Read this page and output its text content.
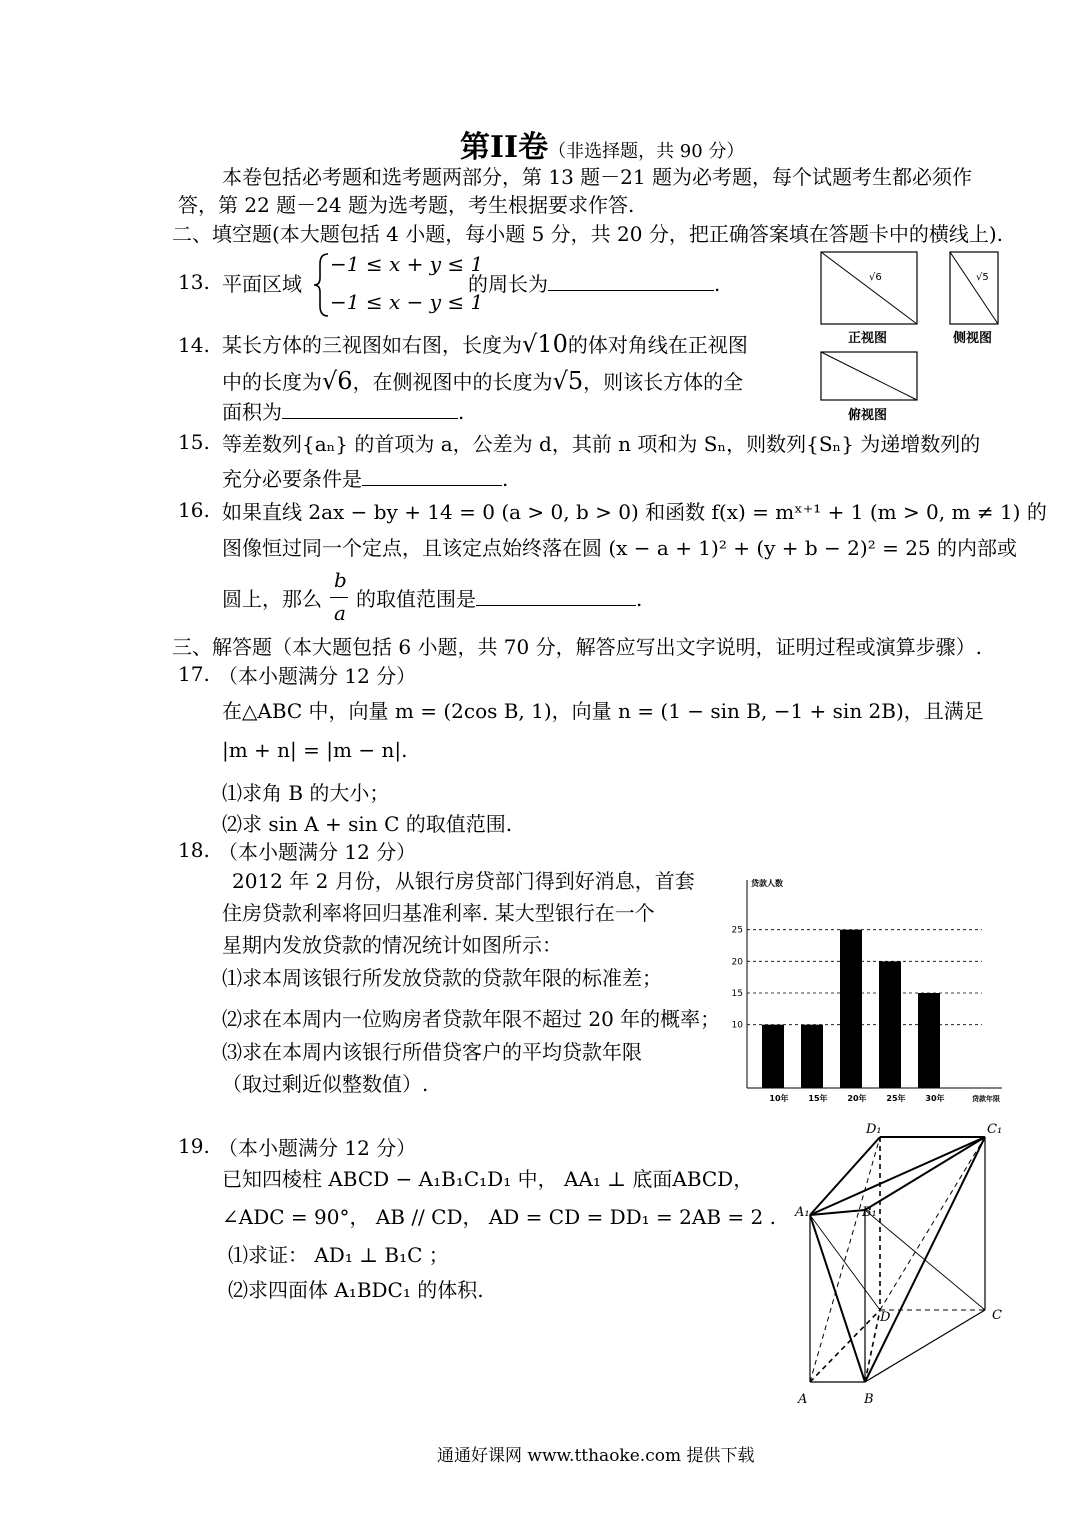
第II卷（非选择题，共 90 分）
本卷包括必考题和选考题两部分，第 13 题－21 题为必考题，每个试题考生都必须作
答，第 22 题－24 题为选考题，考生根据要求作答.
二、填空题(本大题包括 4 小题，每小题 5 分，共 20 分，把正确答案填在答题卡中的横线上).
13. 平面区域
−1 ≤ x + y ≤ 1
−1 ≤ x − y ≤ 1
的周长为	.	√6	√5
正视图	侧视图
俯视图
14. 某长方体的三视图如右图，长度为√10的体对角线在正视图
中的长度为√6，在侧视图中的长度为√5，则该长方体的全
面积为	.
15. 等差数列{aₙ} 的首项为 a，公差为 d，其前 n 项和为 Sₙ，则数列{Sₙ} 为递增数列的
充分必要条件是	.
16. 如果直线 2ax − by + 14 = 0 (a > 0, b > 0) 和函数 f(x) = mˣ⁺¹ + 1 (m > 0, m ≠ 1) 的
图像恒过同一个定点，且该定点始终落在圆 (x − a + 1)² + (y + b − 2)² = 25 的内部或
圆上，那么
b
a
的取值范围是	.
三、解答题（本大题包括 6 小题，共 70 分，解答应写出文字说明，证明过程或演算步骤）.
17. （本小题满分 12 分）
在△ABC 中，向量 m = (2cos B, 1)，向量 n = (1 − sin B, −1 + sin 2B)，且满足
|m + n| = |m − n|.
⑴求角 B 的大小；
⑵求 sin A + sin C 的取值范围.
18. （本小题满分 12 分）
2012 年 2 月份，从银行房贷部门得到好消息，首套
住房贷款利率将回归基准利率. 某大型银行在一个
星期内发放贷款的情况统计如图所示：
⑴求本周该银行所发放贷款的贷款年限的标准差；
⑵求在本周内一位购房者贷款年限不超过 20 年的概率；
⑶求在本周内该银行所借贷客户的平均贷款年限
（取过剩近似整数值）.
贷款人数
10
15
20
25
10年 15年 20年 25年 30年	贷款年限
19. （本小题满分 12 分）
已知四棱柱 ABCD − A₁B₁C₁D₁ 中， AA₁ ⊥ 底面ABCD，
∠ADC = 90°， AB // CD， AD = CD = DD₁ = 2AB = 2 .
⑴求证： AD₁ ⊥ B₁C ；
⑵求四面体 A₁BDC₁ 的体积.
D₁	C₁
A₁	B₁
D	C
A	B
通通好课网 www.tthaoke.com 提供下载
